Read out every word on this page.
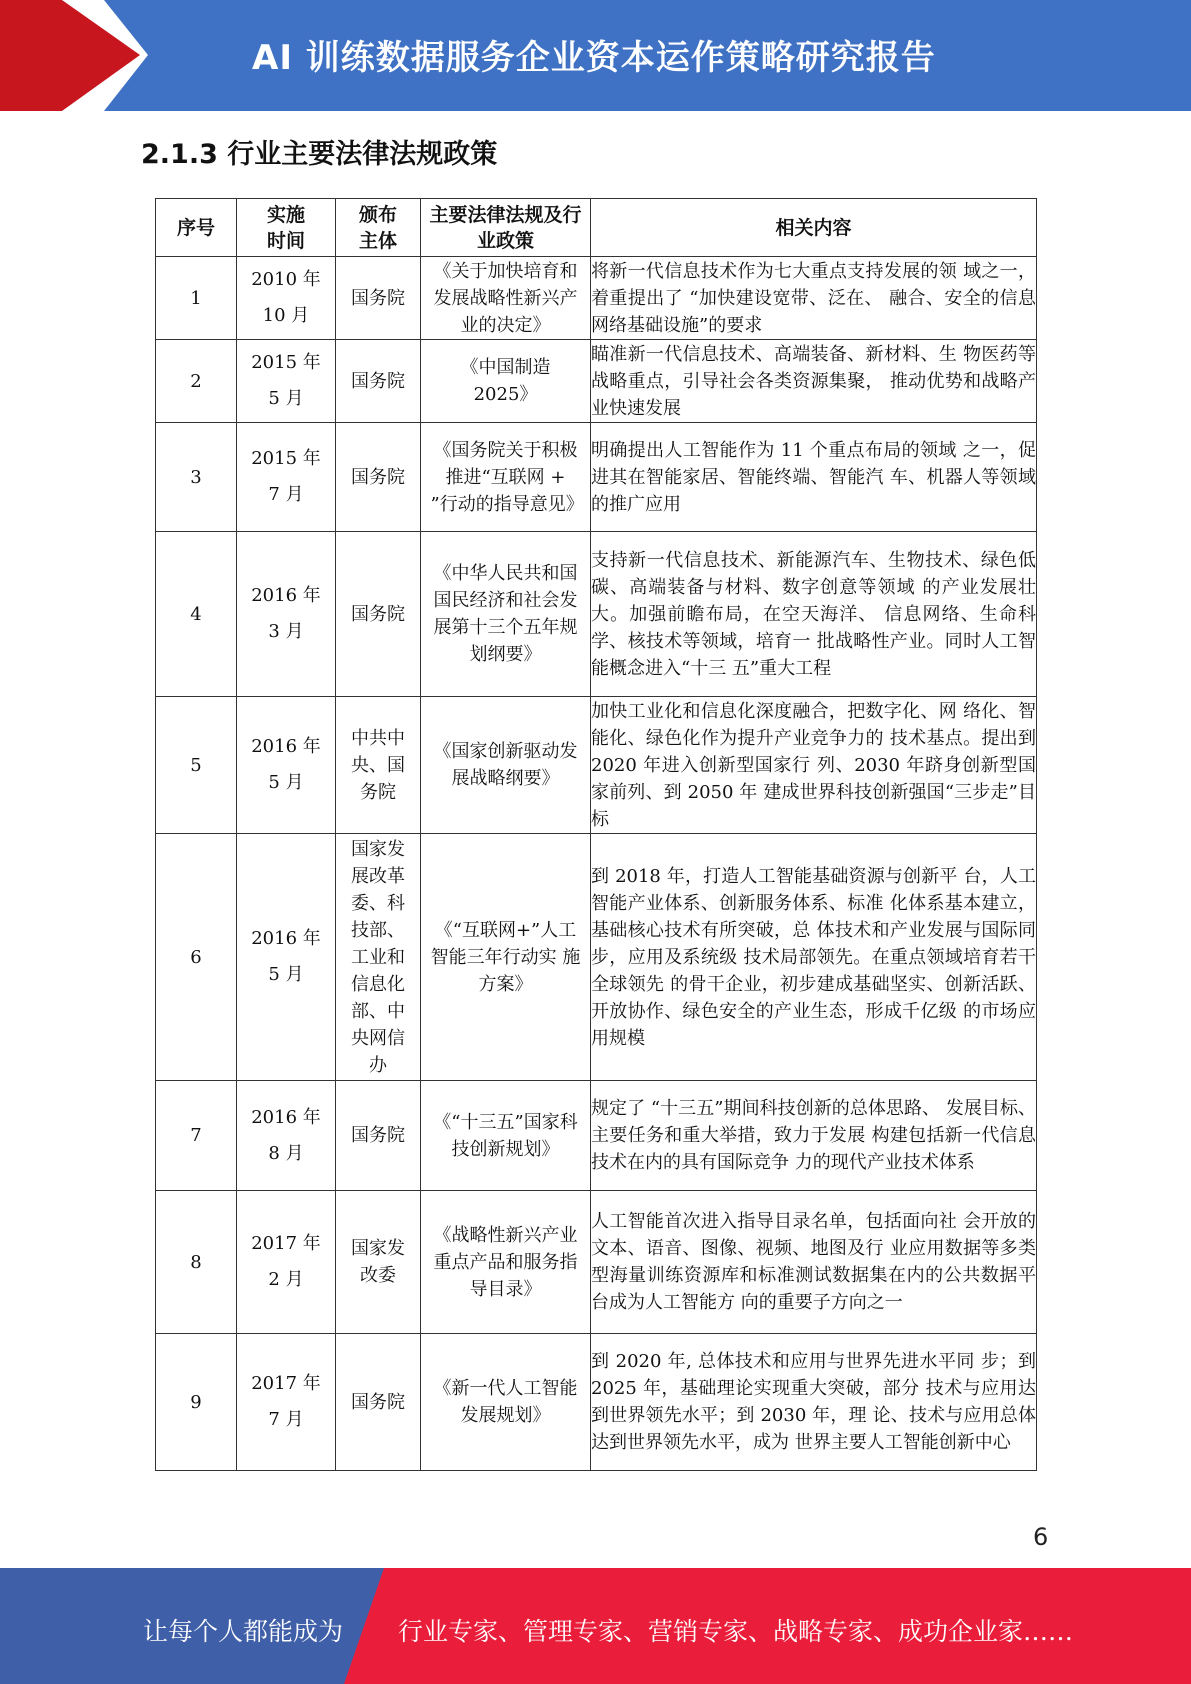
AI 训练数据服务企业资本运作策略研究报告
2.1.3 行业主要法律法规政策
序号	实施时间	颁布主体	主要法律法规及行业政策	相关内容

1	2010 年 10 月	国务院	《关于加快培育和发展战略性新兴产业的决定》	将新一代信息技术作为七大重点支持发展的领 域之一，着重提出了 “加快建设宽带、泛在、 融合、安全的信息网络基础设施”的要求

2	2015 年 5 月	国务院	《中国制造 2025》	瞄准新一代信息技术、高端装备、新材料、生 物医药等战略重点，引导社会各类资源集聚， 推动优势和战略产业快速发展

3	2015 年 7 月	国务院	《国务院关于积极推进“互联网 + ”行动的指导意见》	明确提出人工智能作为 11 个重点布局的领域 之一，促进其在智能家居、智能终端、智能汽 车、机器人等领域的推广应用

4	2016 年 3 月	国务院	《中华人民共和国国民经济和社会发展第十三个五年规划纲要》	支持新一代信息技术、新能源汽车、生物技术、绿色低碳、高端装备与材料、数字创意等领域 的产业发展壮大。加强前瞻布局，在空天海洋、 信息网络、生命科学、核技术等领域，培育一 批战略性产业。同时人工智能概念进入“十三 五”重大工程

5	2016 年 5 月	中共中央、国务院	《国家创新驱动发展战略纲要》	加快工业化和信息化深度融合，把数字化、网 络化、智能化、绿色化作为提升产业竞争力的 技术基点。提出到 2020 年进入创新型国家行 列、2030 年跻身创新型国家前列、到 2050 年 建成世界科技创新强国“三步走”目标

6	2016 年 5 月	国家发展改革委、科技部、工业和信息化部、中央网信办	《“互联网+”人工 智能三年行动实 施方案》	到 2018 年，打造人工智能基础资源与创新平 台，人工智能产业体系、创新服务体系、标准 化体系基本建立，基础核心技术有所突破，总 体技术和产业发展与国际同步，应用及系统级 技术局部领先。在重点领域培育若干全球领先 的骨干企业，初步建成基础坚实、创新活跃、 开放协作、绿色安全的产业生态，形成千亿级 的市场应用规模

7	2016 年 8 月	国务院	《“十三五”国家科技创新规划》	规定了 “十三五”期间科技创新的总体思路、 发展目标、主要任务和重大举措，致力于发展 构建包括新一代信息技术在内的具有国际竞争 力的现代产业技术体系

8	2017 年 2 月	国家发改委	《战略性新兴产业重点产品和服务指导目录》	人工智能首次进入指导目录名单，包括面向社 会开放的文本、语音、图像、视频、地图及行 业应用数据等多类型海量训练资源库和标准测试数据集在内的公共数据平台成为人工智能方 向的重要子方向之一

9	2017 年 7 月	国务院	《新一代人工智能发展规划》	到 2020 年, 总体技术和应用与世界先进水平同 步；到 2025 年，基础理论实现重大突破，部分 技术与应用达到世界领先水平；到 2030 年，理 论、技术与应用总体达到世界领先水平，成为 世界主要人工智能创新中心
6
让每个人都能成为 行业专家、管理专家、营销专家、战略专家、成功企业家……
